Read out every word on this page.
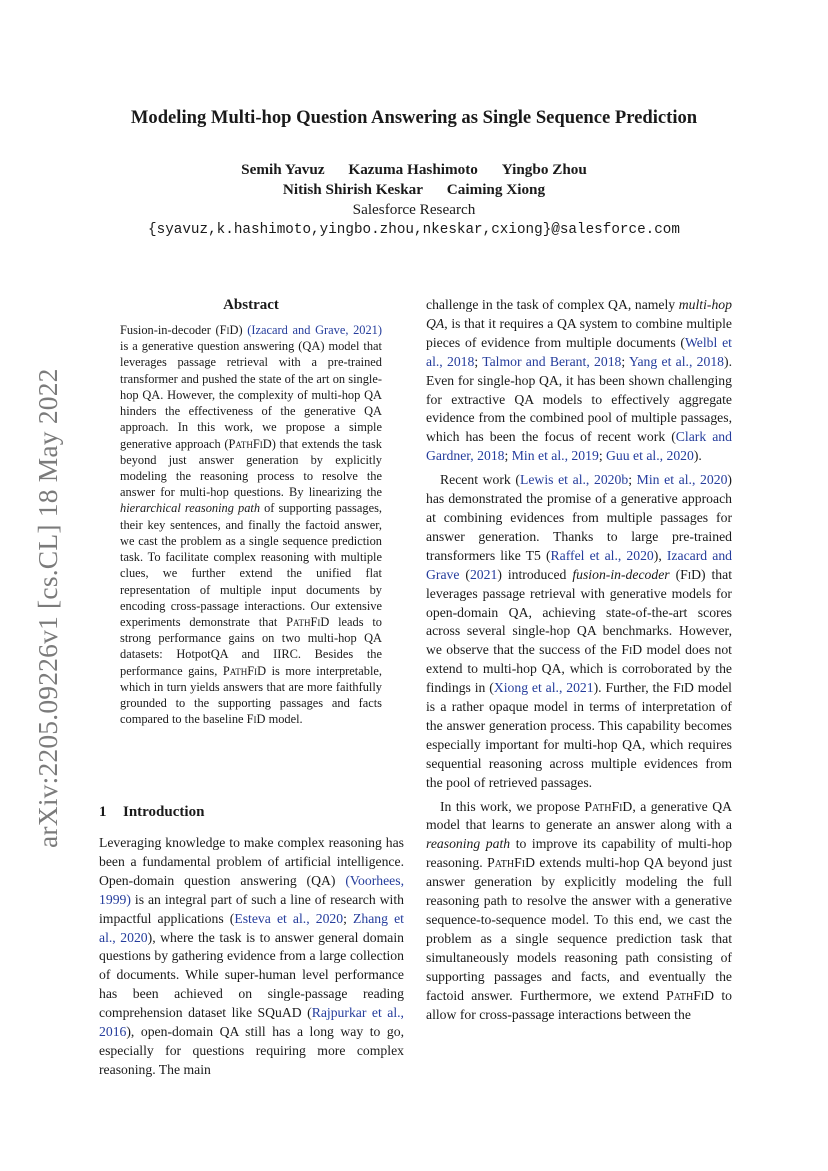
arXiv:2205.09226v1 [cs.CL] 18 May 2022
Modeling Multi-hop Question Answering as Single Sequence Prediction
Semih Yavuz Kazuma Hashimoto Yingbo Zhou
Nitish Shirish Keskar Caiming Xiong
Salesforce Research
{syavuz,k.hashimoto,yingbo.zhou,nkeskar,cxiong}@salesforce.com
Abstract
Fusion-in-decoder (FiD) (Izacard and Grave, 2021) is a generative question answering (QA) model that leverages passage retrieval with a pre-trained transformer and pushed the state of the art on single-hop QA. However, the complexity of multi-hop QA hinders the effectiveness of the generative QA approach. In this work, we propose a simple generative approach (PathFiD) that extends the task beyond just answer generation by explicitly modeling the reasoning process to resolve the answer for multi-hop questions. By linearizing the hierarchical reasoning path of supporting passages, their key sentences, and finally the factoid answer, we cast the problem as a single sequence prediction task. To facilitate complex reasoning with multiple clues, we further extend the unified flat representation of multiple input documents by encoding cross-passage interactions. Our extensive experiments demonstrate that PathFiD leads to strong performance gains on two multi-hop QA datasets: HotpotQA and IIRC. Besides the performance gains, PathFiD is more interpretable, which in turn yields answers that are more faithfully grounded to the supporting passages and facts compared to the baseline FiD model.
1 Introduction

Leveraging knowledge to make complex reasoning has been a fundamental problem of artificial intelligence. Open-domain question answering (QA) (Voorhees, 1999) is an integral part of such a line of research with impactful applications (Esteva et al., 2020; Zhang et al., 2020), where the task is to answer general domain questions by gathering evidence from a large collection of documents. While super-human level performance has been achieved on single-passage reading comprehension dataset like SQuAD (Rajpurkar et al., 2016), open-domain QA still has a long way to go, especially for questions requiring more complex reasoning. The main

challenge in the task of complex QA, namely multi-hop QA, is that it requires a QA system to combine multiple pieces of evidence from multiple documents (Welbl et al., 2018; Talmor and Berant, 2018; Yang et al., 2018). Even for single-hop QA, it has been shown challenging for extractive QA models to effectively aggregate evidence from the combined pool of multiple passages, which has been the focus of recent work (Clark and Gardner, 2018; Min et al., 2019; Guu et al., 2020).

Recent work (Lewis et al., 2020b; Min et al., 2020) has demonstrated the promise of a generative approach at combining evidences from multiple passages for answer generation. Thanks to large pre-trained transformers like T5 (Raffel et al., 2020), Izacard and Grave (2021) introduced fusion-in-decoder (FiD) that leverages passage retrieval with generative models for open-domain QA, achieving state-of-the-art scores across several single-hop QA benchmarks. However, we observe that the success of the FiD model does not extend to multi-hop QA, which is corroborated by the findings in (Xiong et al., 2021). Further, the FiD model is a rather opaque model in terms of interpretation of the answer generation process. This capability becomes especially important for multi-hop QA, which requires sequential reasoning across multiple evidences from the pool of retrieved passages.

In this work, we propose PathFiD, a generative QA model that learns to generate an answer along with a reasoning path to improve its capability of multi-hop reasoning. PathFiD extends multi-hop QA beyond just answer generation by explicitly modeling the full reasoning path to resolve the answer with a generative sequence-to-sequence model. To this end, we cast the problem as a single sequence prediction task that simultaneously models reasoning path consisting of supporting passages and facts, and eventually the factoid answer. Furthermore, we extend PathFiD to allow for cross-passage interactions between the
